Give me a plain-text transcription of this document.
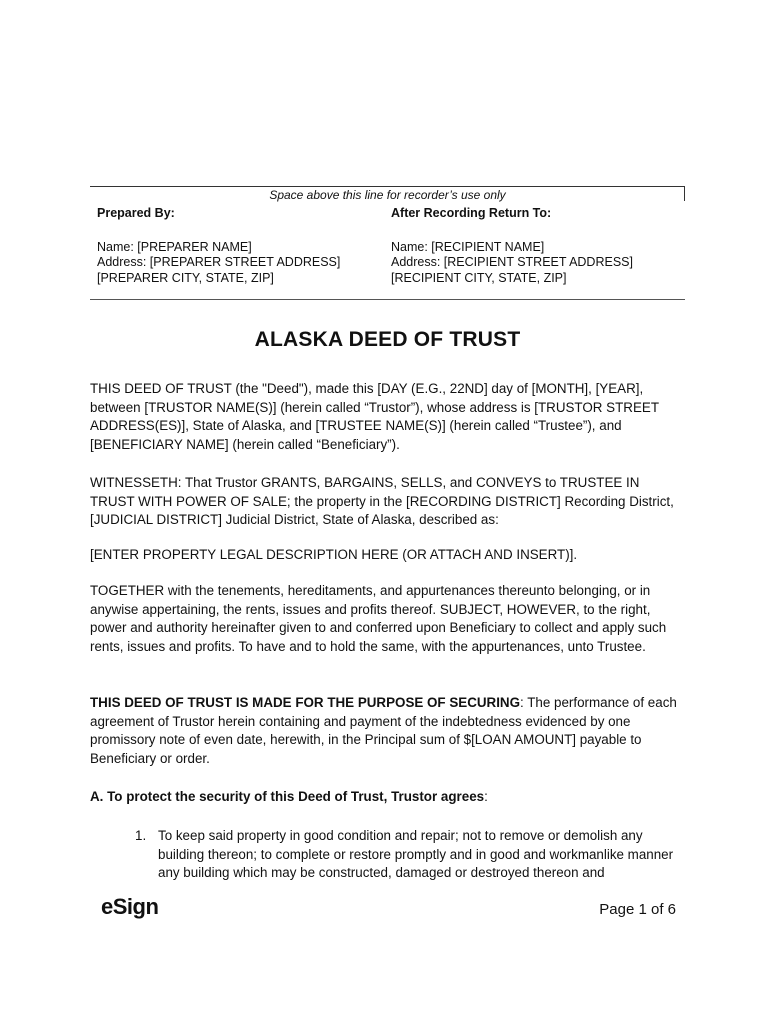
Space above this line for recorder’s use only
Prepared By:
Name: [PREPARER NAME]
Address: [PREPARER STREET ADDRESS]
[PREPARER CITY, STATE, ZIP]
After Recording Return To:
Name: [RECIPIENT NAME]
Address: [RECIPIENT STREET ADDRESS]
[RECIPIENT CITY, STATE, ZIP]
ALASKA DEED OF TRUST

THIS DEED OF TRUST (the "Deed"), made this [DAY (E.G., 22ND] day of [MONTH], [YEAR], between [TRUSTOR NAME(S)] (herein called “Trustor”), whose address is [TRUSTOR STREET ADDRESS(ES)], State of Alaska, and [TRUSTEE NAME(S)] (herein called “Trustee”), and [BENEFICIARY NAME] (herein called “Beneficiary”).

WITNESSETH: That Trustor GRANTS, BARGAINS, SELLS, and CONVEYS to TRUSTEE IN TRUST WITH POWER OF SALE; the property in the [RECORDING DISTRICT] Recording District, [JUDICIAL DISTRICT] Judicial District, State of Alaska, described as:

[ENTER PROPERTY LEGAL DESCRIPTION HERE (OR ATTACH AND INSERT)].

TOGETHER with the tenements, hereditaments, and appurtenances thereunto belonging, or in anywise appertaining, the rents, issues and profits thereof. SUBJECT, HOWEVER, to the right, power and authority hereinafter given to and conferred upon Beneficiary to collect and apply such rents, issues and profits. To have and to hold the same, with the appurtenances, unto Trustee.

THIS DEED OF TRUST IS MADE FOR THE PURPOSE OF SECURING: The performance of each agreement of Trustor herein containing and payment of the indebtedness evidenced by one promissory note of even date, herewith, in the Principal sum of $[LOAN AMOUNT] payable to Beneficiary or order.

A. To protect the security of this Deed of Trust, Trustor agrees:
1. To keep said property in good condition and repair; not to remove or demolish any building thereon; to complete or restore promptly and in good and workmanlike manner any building which may be constructed, damaged or destroyed thereon and
eSign	Page 1 of 6
